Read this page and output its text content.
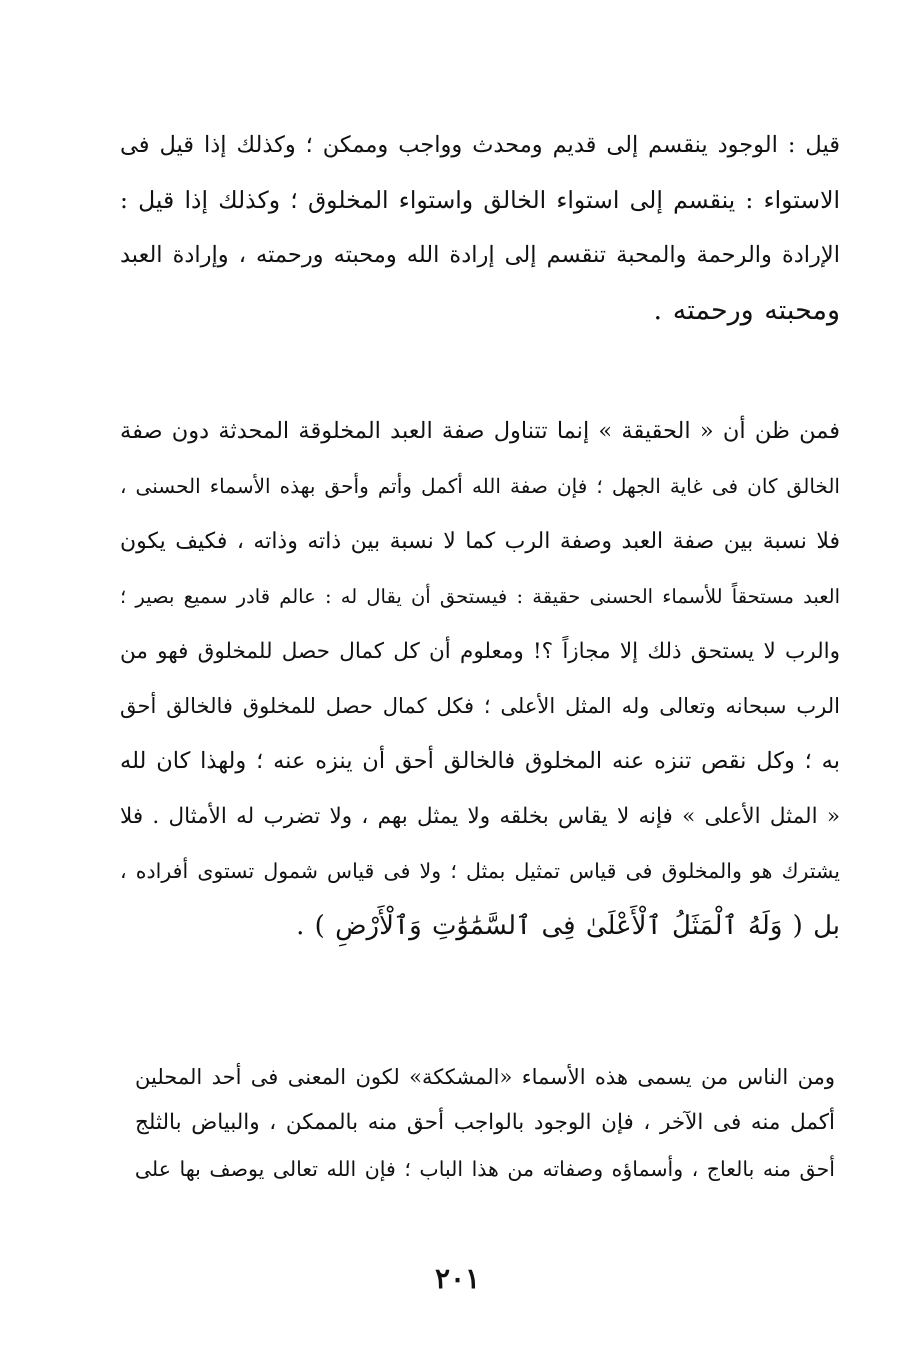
قيل : الوجود ينقسم إلى قديم ومحدث وواجب وممكن ؛ وكذلك إذا قيل فى
الاستواء : ينقسم إلى استواء الخالق واستواء المخلوق ؛ وكذلك إذا قيل :
الإرادة والرحمة والمحبة تنقسم إلى إرادة الله ومحبته ورحمته ، وإرادة العبد
ومحبته ورحمته .
فمن ظن أن « الحقيقة » إنما تتناول صفة العبد المخلوقة المحدثة دون صفة
الخالق كان فى غاية الجهل ؛ فإن صفة الله أكمل وأتم وأحق بهذه الأسماء الحسنى ،
فلا نسبة بين صفة العبد وصفة الرب كما لا نسبة بين ذاته وذاته ، فكيف يكون
العبد مستحقاً للأسماء الحسنى حقيقة : فيستحق أن يقال له : عالم قادر سميع بصير ؛
والرب لا يستحق ذلك إلا مجازاً ؟! ومعلوم أن كل كمال حصل للمخلوق فهو من
الرب سبحانه وتعالى وله المثل الأعلى ؛ فكل كمال حصل للمخلوق فالخالق أحق
به ؛ وكل نقص تنزه عنه المخلوق فالخالق أحق أن ينزه عنه ؛ ولهذا كان لله
« المثل الأعلى » فإنه لا يقاس بخلقه ولا يمثل بهم ، ولا تضرب له الأمثال . فلا
يشترك هو والمخلوق فى قياس تمثيل بمثل ؛ ولا فى قياس شمول تستوى أفراده ،
بل ( وَلَهُ ٱلْمَثَلُ ٱلْأَعْلَىٰ فِى ٱلسَّمَٰوَٰتِ وَٱلْأَرْضِ ) .
ومن الناس من يسمى هذه الأسماء «المشككة» لكون المعنى فى أحد المحلين
أكمل منه فى الآخر ، فإن الوجود بالواجب أحق منه بالممكن ، والبياض بالثلج
أحق منه بالعاج ، وأسماؤه وصفاته من هذا الباب ؛ فإن الله تعالى يوصف بها على
٢٠١
